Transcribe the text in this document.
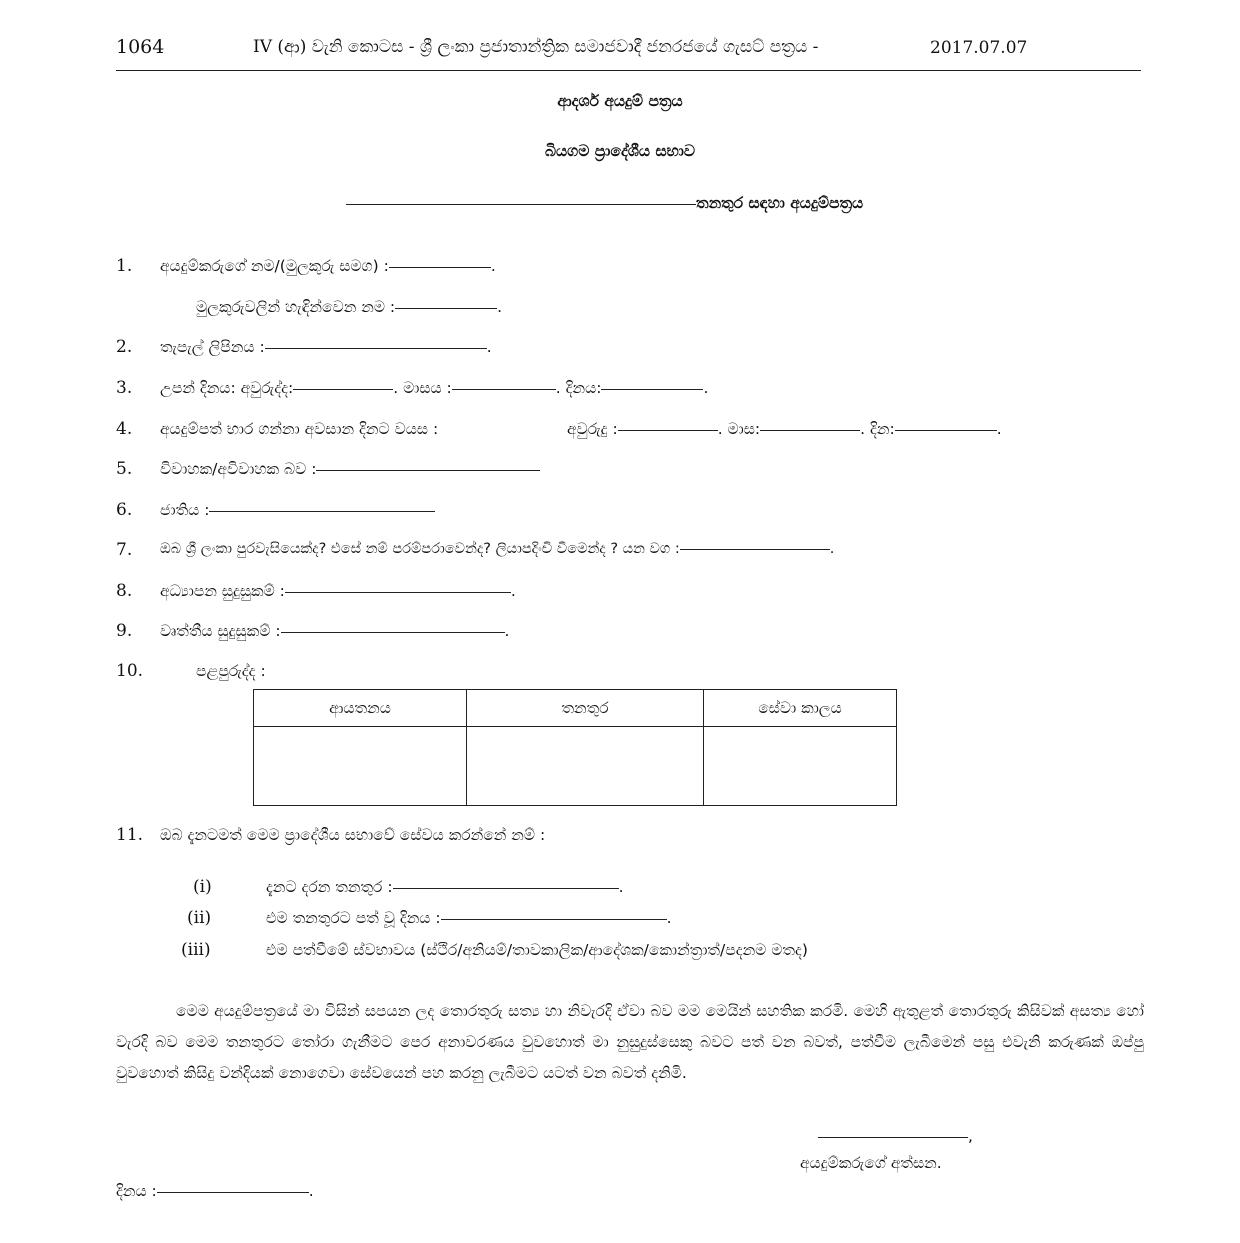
1064	IV (ආ) වැනි කොටස - ශ්‍රී ලංකා ප්‍රජාතාන්ත්‍රික සමාජවාදී ජනරජයේ ගැසට් පත්‍රය -	2017.07.07
ආදර්ශ අයදුම් පත්‍රය
බියගම ප්‍රාදේශීය සභාව
තනතුර සඳහා අයදුම්පත්‍රය
1. අයදුම්කරුගේ නම/(මුලකුරු සමග) :	.
මුලකුරුවලින් හැඳින්වෙන නම :	.
2. තැපැල් ලිපිනය :	.
3. උපන් දිනය: අවුරුද්ද:	. මාසය :	. දිනය:	.
4. අයදුම්පත් භාර ගන්නා අවසාන දිනට වයස :	අවුරුදු :	. මාස:	. දින:	.
5. විවාහක/අවිවාහක බව :
6. ජාතිය :
7. ඔබ ශ්‍රී ලංකා පුරවැසියෙක්ද? එසේ නම් පරම්පරාවෙන්ද? ලියාපදිංචි වීමෙන්ද ? යන වග :	.
8. අධ්‍යාපන සුදුසුකම් :	.
9. වෘත්තීය සුදුසුකම් :	.
10.	පළපුරුද්ද :
ආයතනය	තනතුර	සේවා කාලය

11. ඔබ දැනටමත් මෙම ප්‍රාදේශීය සභාවේ සේවය කරන්නේ නම් :
(i)	දැනට දරන තනතුර :	.
(ii)	එම තනතුරට පත් වූ දිනය :	.
(iii)	එම පත්වීමේ ස්වභාවය (ස්ථිර/අනියම්/තාවකාලික/ආදේශක/කොන්ත්‍රාත්/පදනම මතද)
මෙම අයදුම්පත්‍රයේ මා විසින් සපයන ලද තොරතුරු සත්‍ය හා නිවැරදි ඒවා බව මම මෙයින් සහතික කරමි. මෙහි ඇතුළත් තොරතුරු කිසිවක් අසත්‍ය හෝ වැරදි බව මෙම තනතුරට තෝරා ගැනීමට පෙර අනාවරණය වුවහොත් මා නුසුදුස්සෙකු බවට පත් වන බවත්, පත්වීම ලැබීමෙන් පසු එවැනි කරුණක් ඔප්පු වුවහොත් කිසිදු වන්දියක් නොගෙවා සේවයෙන් පහ කරනු ලැබීමට යටත් වන බවත් දනිමි.
,
අයදුම්කරුගේ අත්සන.
දිනය :	.
